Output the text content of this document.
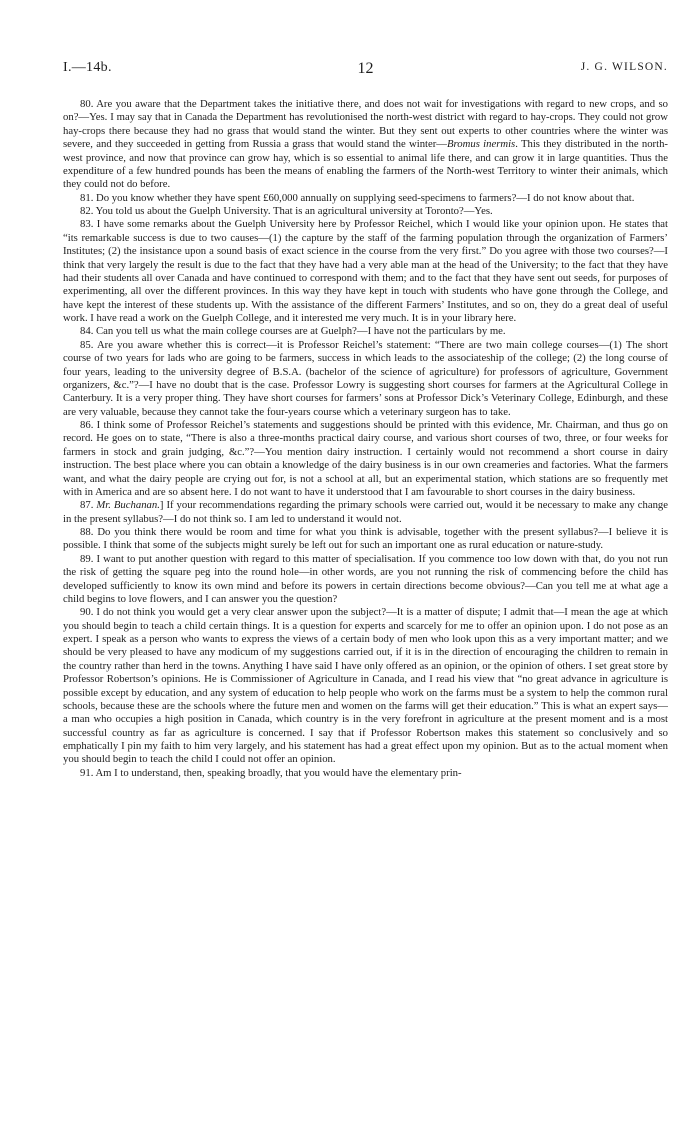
I.—14b.	12	J. G. WILSON.

80. Are you aware that the Department takes the initiative there, and does not wait for investigations with regard to new crops, and so on?—Yes. I may say that in Canada the Department has revolutionised the north-west district with regard to hay-crops. They could not grow hay-crops there because they had no grass that would stand the winter. But they sent out experts to other countries where the winter was severe, and they succeeded in getting from Russia a grass that would stand the winter—Bromus inermis. This they distributed in the north-west province, and now that province can grow hay, which is so essential to animal life there, and can grow it in large quantities. Thus the expenditure of a few hundred pounds has been the means of enabling the farmers of the North-west Territory to winter their animals, which they could not do before.

81. Do you know whether they have spent £60,000 annually on supplying seed-specimens to farmers?—I do not know about that.

82. You told us about the Guelph University. That is an agricultural university at Toronto?—Yes.

83. I have some remarks about the Guelph University here by Professor Reichel, which I would like your opinion upon. He states that “its remarkable success is due to two causes—(1) the capture by the staff of the farming population through the organization of Farmers’ Institutes; (2) the insistance upon a sound basis of exact science in the course from the very first.” Do you agree with those two courses?—I think that very largely the result is due to the fact that they have had a very able man at the head of the University; to the fact that they have had their students all over Canada and have continued to correspond with them; and to the fact that they have sent out seeds, for purposes of experimenting, all over the different provinces. In this way they have kept in touch with students who have gone through the College, and have kept the interest of these students up. With the assistance of the different Farmers’ Institutes, and so on, they do a great deal of useful work. I have read a work on the Guelph College, and it interested me very much. It is in your library here.

84. Can you tell us what the main college courses are at Guelph?—I have not the particulars by me.

85. Are you aware whether this is correct—it is Professor Reichel’s statement: “There are two main college courses—(1) The short course of two years for lads who are going to be farmers, success in which leads to the associateship of the college; (2) the long course of four years, leading to the university degree of B.S.A. (bachelor of the science of agriculture) for professors of agriculture, Government organizers, &c.”?—I have no doubt that is the case. Professor Lowry is suggesting short courses for farmers at the Agricultural College in Canterbury. It is a very proper thing. They have short courses for farmers’ sons at Professor Dick’s Veterinary College, Edinburgh, and these are very valuable, because they cannot take the four-years course which a veterinary surgeon has to take.

86. I think some of Professor Reichel’s statements and suggestions should be printed with this evidence, Mr. Chairman, and thus go on record. He goes on to state, “There is also a three-months practical dairy course, and various short courses of two, three, or four weeks for farmers in stock and grain judging, &c.”?—You mention dairy instruction. I certainly would not recommend a short course in dairy instruction. The best place where you can obtain a knowledge of the dairy business is in our own creameries and factories. What the farmers want, and what the dairy people are crying out for, is not a school at all, but an experimental station, which stations are so frequently met with in America and are so absent here. I do not want to have it understood that I am favourable to short courses in the dairy business.

87. Mr. Buchanan.] If your recommendations regarding the primary schools were carried out, would it be necessary to make any change in the present syllabus?—I do not think so. I am led to understand it would not.

88. Do you think there would be room and time for what you think is advisable, together with the present syllabus?—I believe it is possible. I think that some of the subjects might surely be left out for such an important one as rural education or nature-study.

89. I want to put another question with regard to this matter of specialisation. If you commence too low down with that, do you not run the risk of getting the square peg into the round hole—in other words, are you not running the risk of commencing before the child has developed sufficiently to know its own mind and before its powers in certain directions become obvious?—Can you tell me at what age a child begins to love flowers, and I can answer you the question?

90. I do not think you would get a very clear answer upon the subject?—It is a matter of dispute; I admit that—I mean the age at which you should begin to teach a child certain things. It is a question for experts and scarcely for me to offer an opinion upon. I do not pose as an expert. I speak as a person who wants to express the views of a certain body of men who look upon this as a very important matter; and we should be very pleased to have any modicum of my suggestions carried out, if it is in the direction of encouraging the children to remain in the country rather than herd in the towns. Anything I have said I have only offered as an opinion, or the opinion of others. I set great store by Professor Robertson’s opinions. He is Commissioner of Agriculture in Canada, and I read his view that “no great advance in agriculture is possible except by education, and any system of education to help people who work on the farms must be a system to help the common rural schools, because these are the schools where the future men and women on the farms will get their education.” This is what an expert says—a man who occupies a high position in Canada, which country is in the very forefront in agriculture at the present moment and is a most successful country as far as agriculture is concerned. I say that if Professor Robertson makes this statement so conclusively and so emphatically I pin my faith to him very largely, and his statement has had a great effect upon my opinion. But as to the actual moment when you should begin to teach the child I could not offer an opinion.

91. Am I to understand, then, speaking broadly, that you would have the elementary prin-
